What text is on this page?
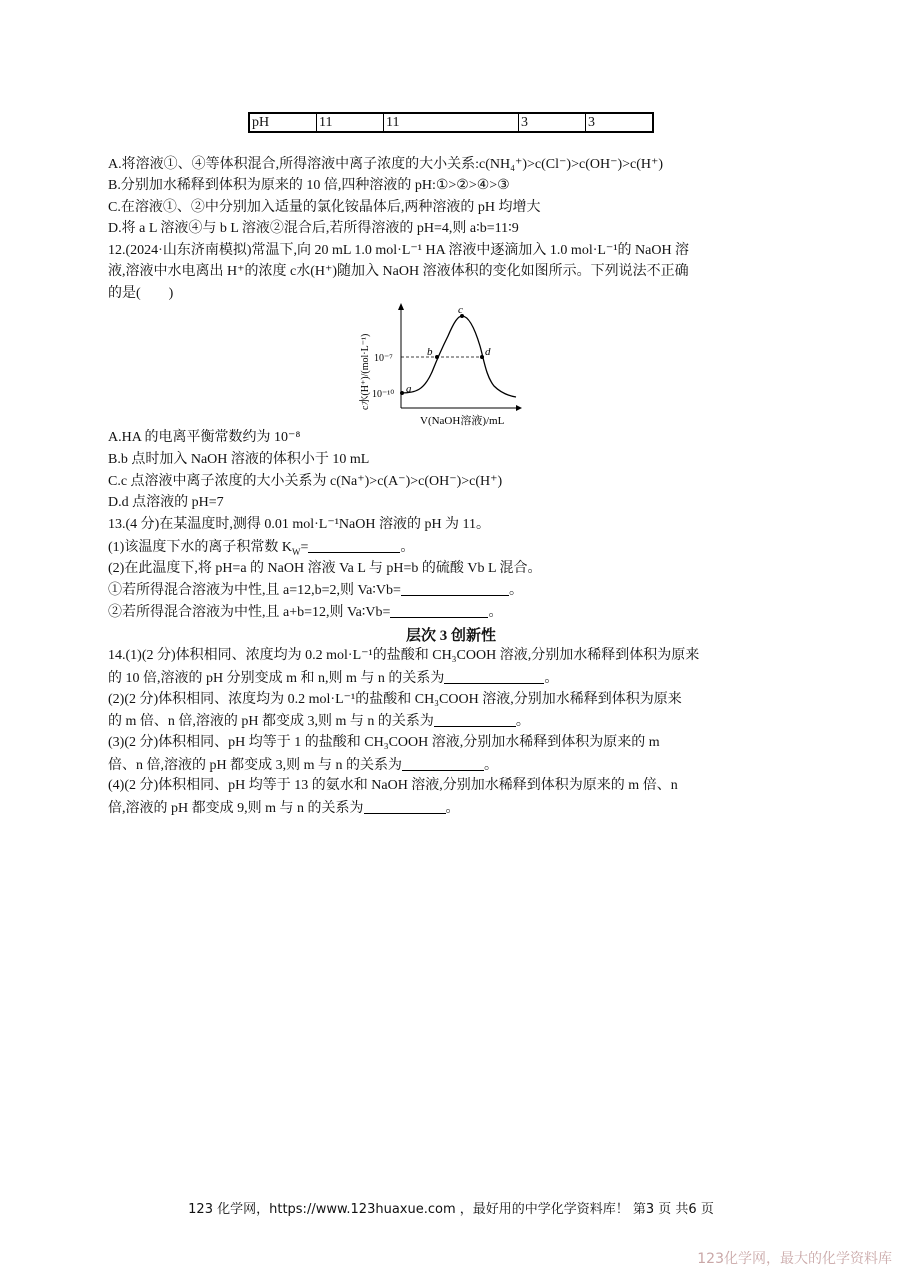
pH	11	11	3	3
A.将溶液①、④等体积混合,所得溶液中离子浓度的大小关系:c(NH₄⁺)>c(Cl⁻)>c(OH⁻)>c(H⁺)
B.分别加水稀释到体积为原来的 10 倍,四种溶液的 pH:①>②>④>③
C.在溶液①、②中分别加入适量的氯化铵晶体后,两种溶液的 pH 均增大
D.将 a L 溶液④与 b L 溶液②混合后,若所得溶液的 pH=4,则 a∶b=11∶9
12.(2024·山东济南模拟)常温下,向 20 mL 1.0 mol·L⁻¹ HA 溶液中逐滴加入 1.0 mol·L⁻¹的 NaOH 溶
液,溶液中水电离出 H⁺的浓度 c水(H⁺)随加入 NaOH 溶液体积的变化如图所示。下列说法不正确
的是(　　)
a
b
c
d
10⁻⁷
10⁻¹⁰
c水(H⁺)/(mol·L⁻¹)
V(NaOH溶液)/mL
A.HA 的电离平衡常数约为 10⁻⁸
B.b 点时加入 NaOH 溶液的体积小于 10 mL
C.c 点溶液中离子浓度的大小关系为 c(Na⁺)>c(A⁻)>c(OH⁻)>c(H⁺)
D.d 点溶液的 pH=7
13.(4 分)在某温度时,测得 0.01 mol·L⁻¹NaOH 溶液的 pH 为 11。
(1)该温度下水的离子积常数 $K_W=$	。
(2)在此温度下,将 pH=a 的 NaOH 溶液 Va L 与 pH=b 的硫酸 Vb L 混合。
①若所得混合溶液为中性,且 a=12,b=2,则 Va∶Vb=	。
②若所得混合溶液为中性,且 a+b=12,则 Va∶Vb=	。
层次 3 创新性
14.(1)(2 分)体积相同、浓度均为 0.2 mol·L⁻¹的盐酸和 CH₃COOH 溶液,分别加水稀释到体积为原来
的 10 倍,溶液的 pH 分别变成 m 和 n,则 m 与 n 的关系为	。
(2)(2 分)体积相同、浓度均为 0.2 mol·L⁻¹的盐酸和 CH₃COOH 溶液,分别加水稀释到体积为原来
的 m 倍、n 倍,溶液的 pH 都变成 3,则 m 与 n 的关系为	。
(3)(2 分)体积相同、pH 均等于 1 的盐酸和 CH₃COOH 溶液,分别加水稀释到体积为原来的 m
倍、n 倍,溶液的 pH 都变成 3,则 m 与 n 的关系为	。
(4)(2 分)体积相同、pH 均等于 13 的氨水和 NaOH 溶液,分别加水稀释到体积为原来的 m 倍、n
倍,溶液的 pH 都变成 9,则 m 与 n 的关系为	。
123 化学网，https://www.123huaxue.com ，最好用的中学化学资料库！ 第3 页 共6 页
123化学网，最大的化学资料库
